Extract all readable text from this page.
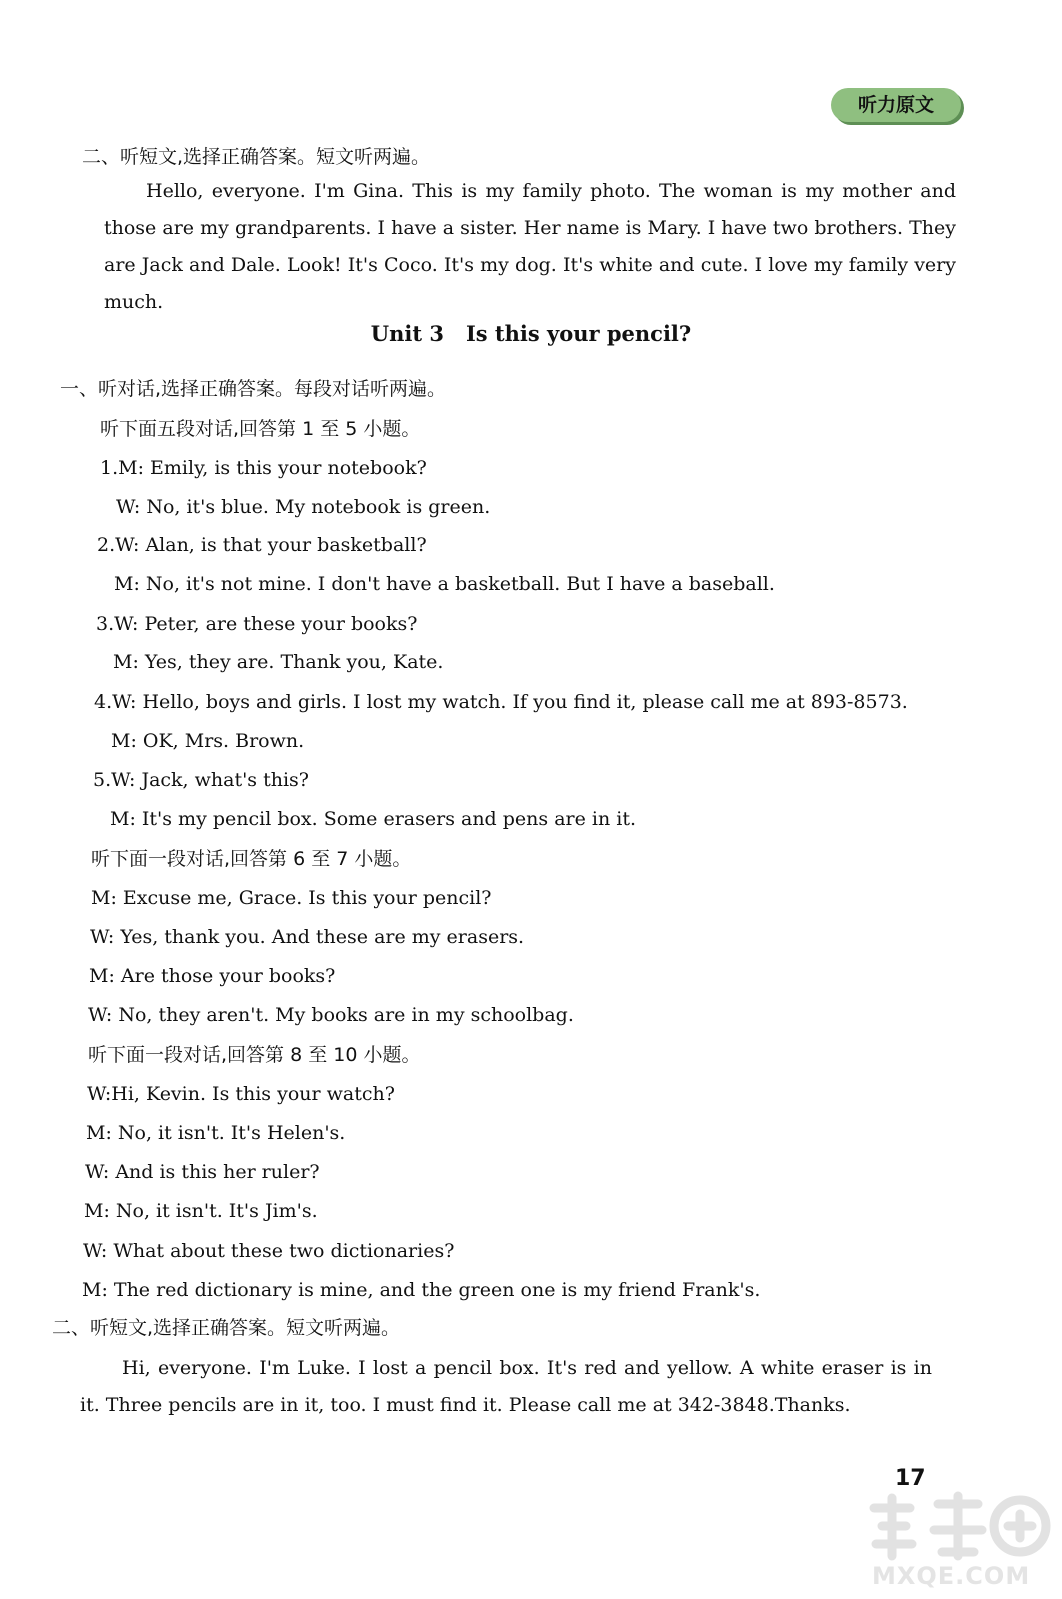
听力原文
二、听短文,选择正确答案。短文听两遍。
Hello, everyone. I'm Gina. This is my family photo. The woman is my mother and those are my grandparents. I have a sister. Her name is Mary. I have two brothers. They are Jack and Dale. Look! It's Coco. It's my dog. It's white and cute. I love my family very much.
Unit 3 Is this your pencil?
一、听对话,选择正确答案。每段对话听两遍。
听下面五段对话,回答第 1 至 5 小题。
1.M: Emily, is this your notebook?
W: No, it's blue. My notebook is green.
2.W: Alan, is that your basketball?
M: No, it's not mine. I don't have a basketball. But I have a baseball.
3.W: Peter, are these your books?
M: Yes, they are. Thank you, Kate.
4.W: Hello, boys and girls. I lost my watch. If you find it, please call me at 893-8573.
M: OK, Mrs. Brown.
5.W: Jack, what's this?
M: It's my pencil box. Some erasers and pens are in it.
听下面一段对话,回答第 6 至 7 小题。
M: Excuse me, Grace. Is this your pencil?
W: Yes, thank you. And these are my erasers.
M: Are those your books?
W: No, they aren't. My books are in my schoolbag.
听下面一段对话,回答第 8 至 10 小题。
W:Hi, Kevin. Is this your watch?
M: No, it isn't. It's Helen's.
W: And is this her ruler?
M: No, it isn't. It's Jim's.
W: What about these two dictionaries?
M: The red dictionary is mine, and the green one is my friend Frank's.
二、听短文,选择正确答案。短文听两遍。
Hi, everyone. I'm Luke. I lost a pencil box. It's red and yellow. A white eraser is in it. Three pencils are in it, too. I must find it. Please call me at 342-3848.Thanks.
17
MXQE.COM
